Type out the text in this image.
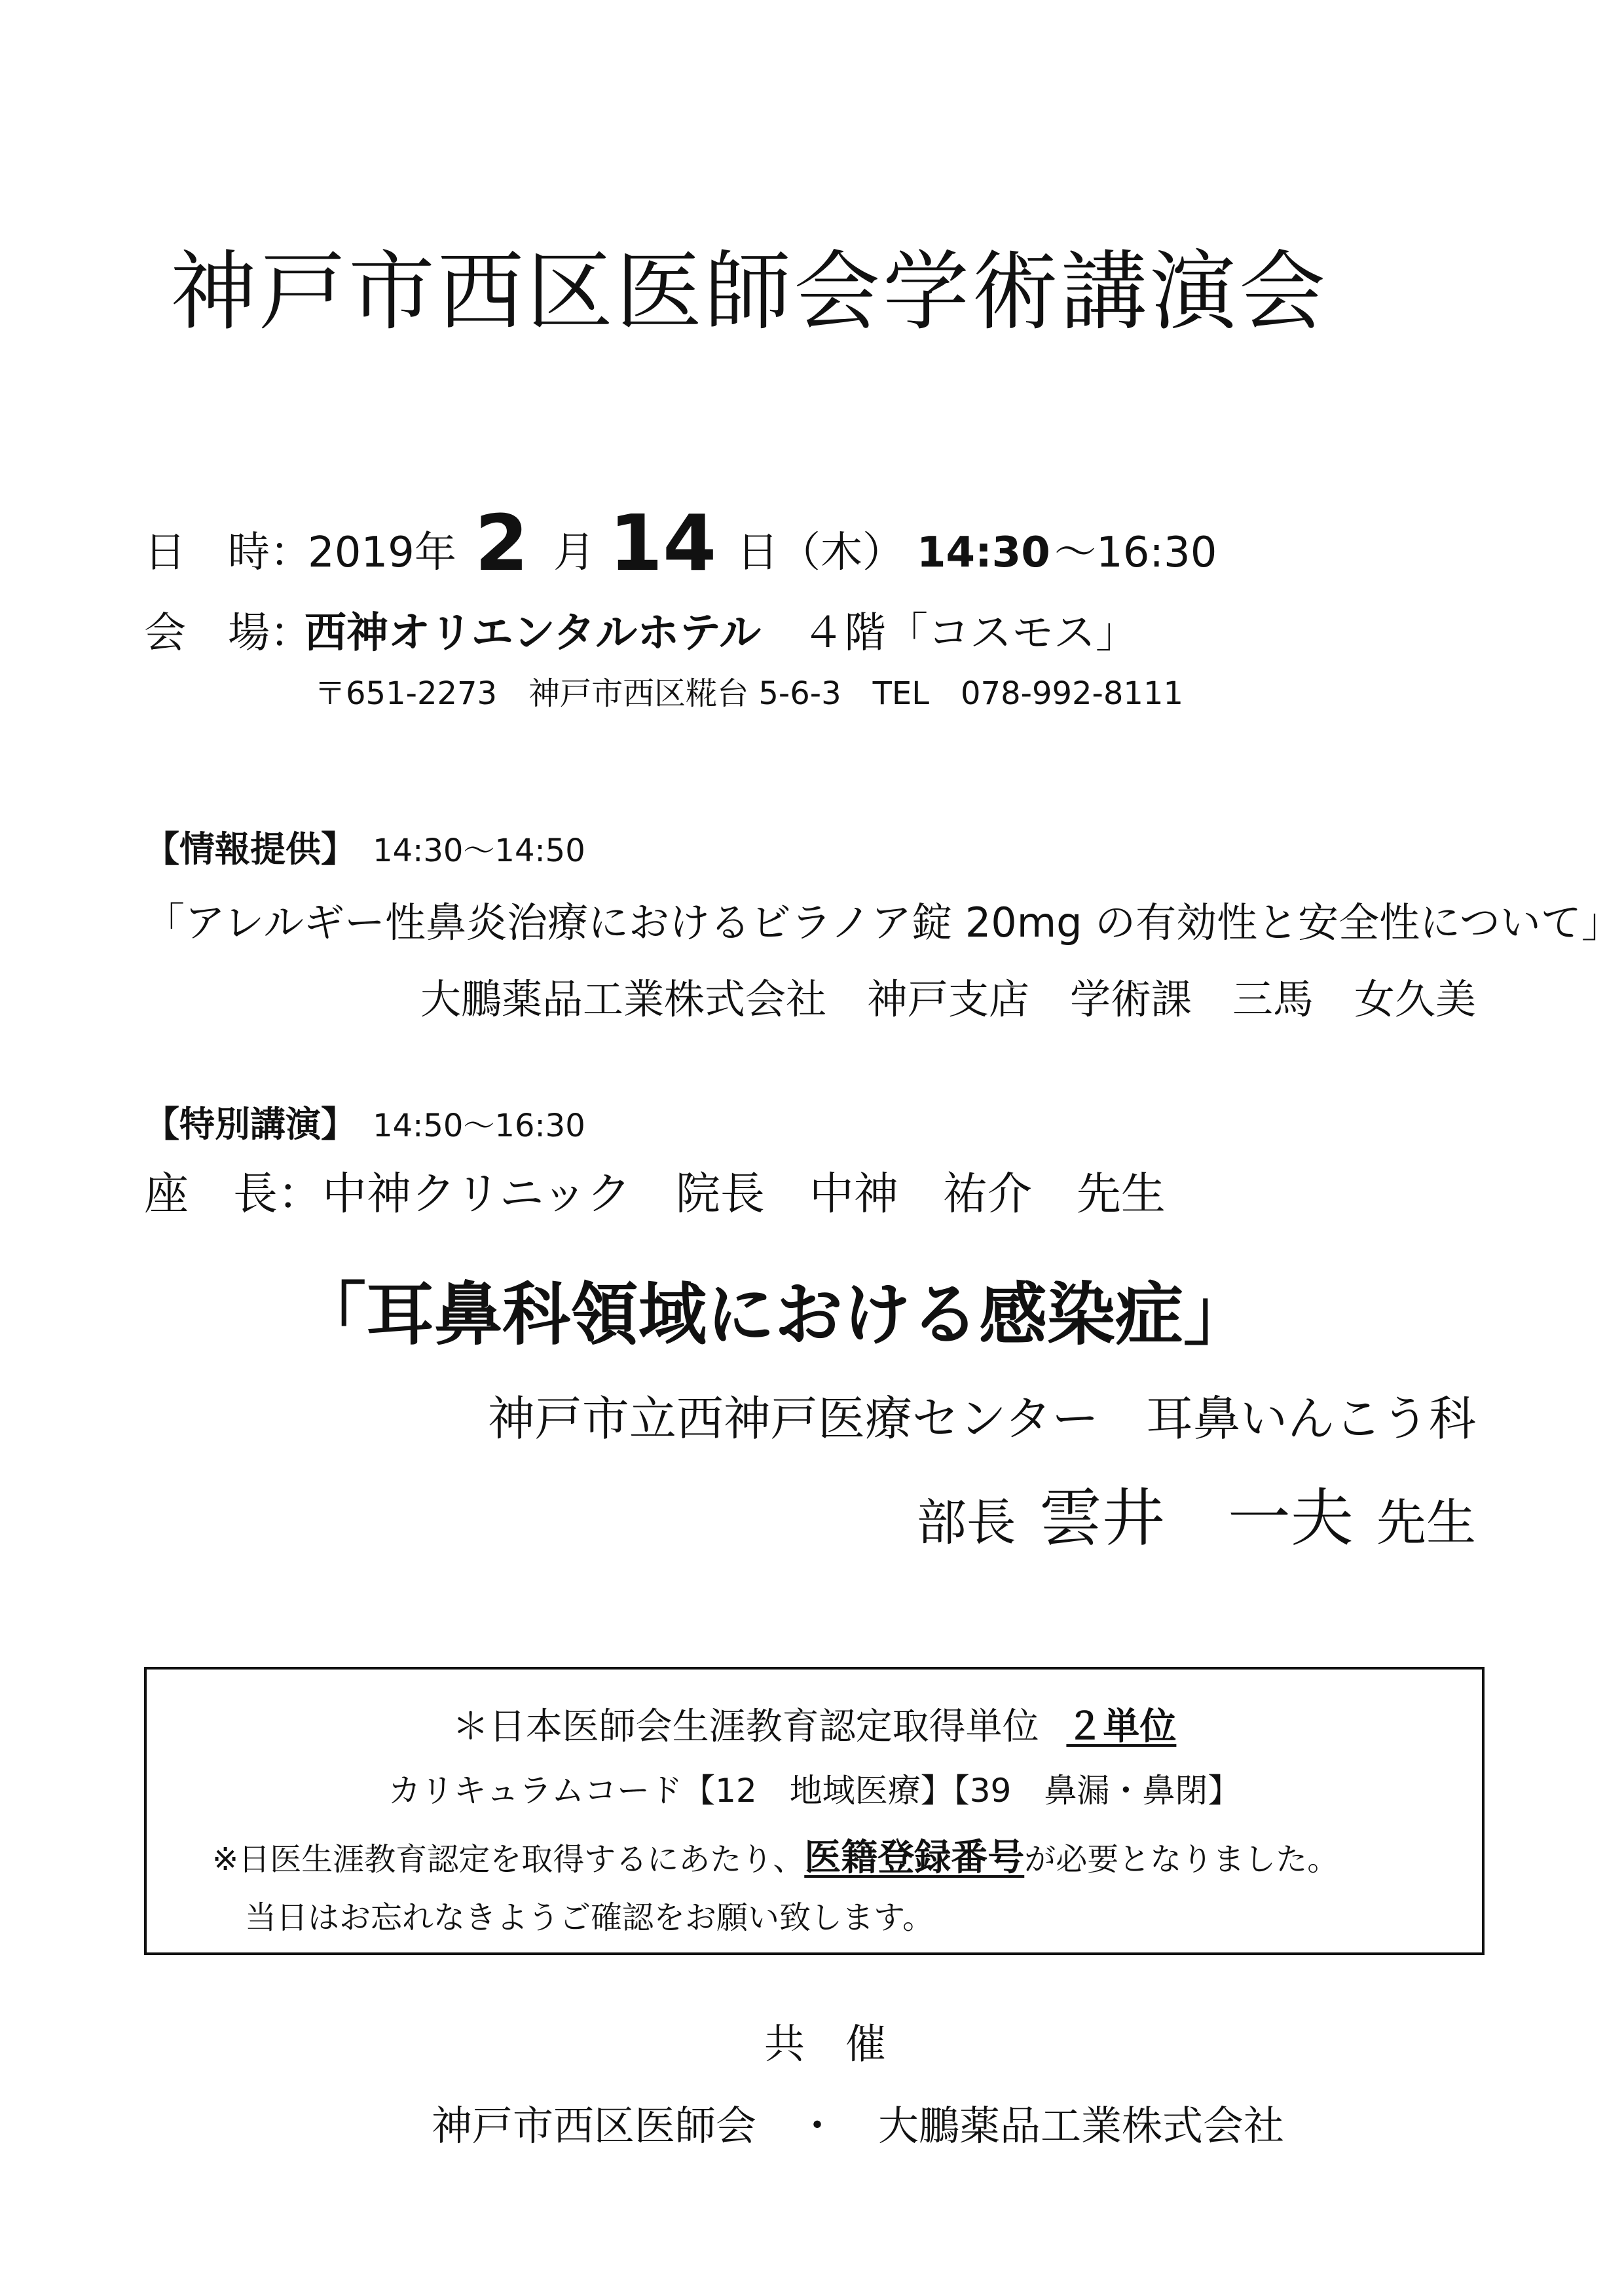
神戸市西区医師会学術講演会
日　時：
2019年 2 月 14 日（木） 14:30 ～16:30
会　場：
西神オリエンタルホテル ４階「コスモス」
〒651-2273　神戸市西区糀台 5-6-3　TEL　078-992-8111
【情報提供】 14:30～14:50
「アレルギー性鼻炎治療におけるビラノア錠 20mg の有効性と安全性について」
大鵬薬品工業株式会社　神戸支店　学術課　三馬　女久美
【特別講演】 14:50～16:30
座　長：中神クリニック　院長　中神　祐介　先生
「耳鼻科領域における感染症」
神戸市立西神戸医療センター　耳鼻いんこう科
部長 雲井　一夫 先生
＊日本医師会生涯教育認定取得単位 ２単位
カリキュラムコード【12　地域医療】【39　鼻漏・鼻閉】
※日医生涯教育認定を取得するにあたり、医籍登録番号が必要となりました。
当日はお忘れなきようご確認をお願い致します。
共　催
神戸市西区医師会　・　大鵬薬品工業株式会社
